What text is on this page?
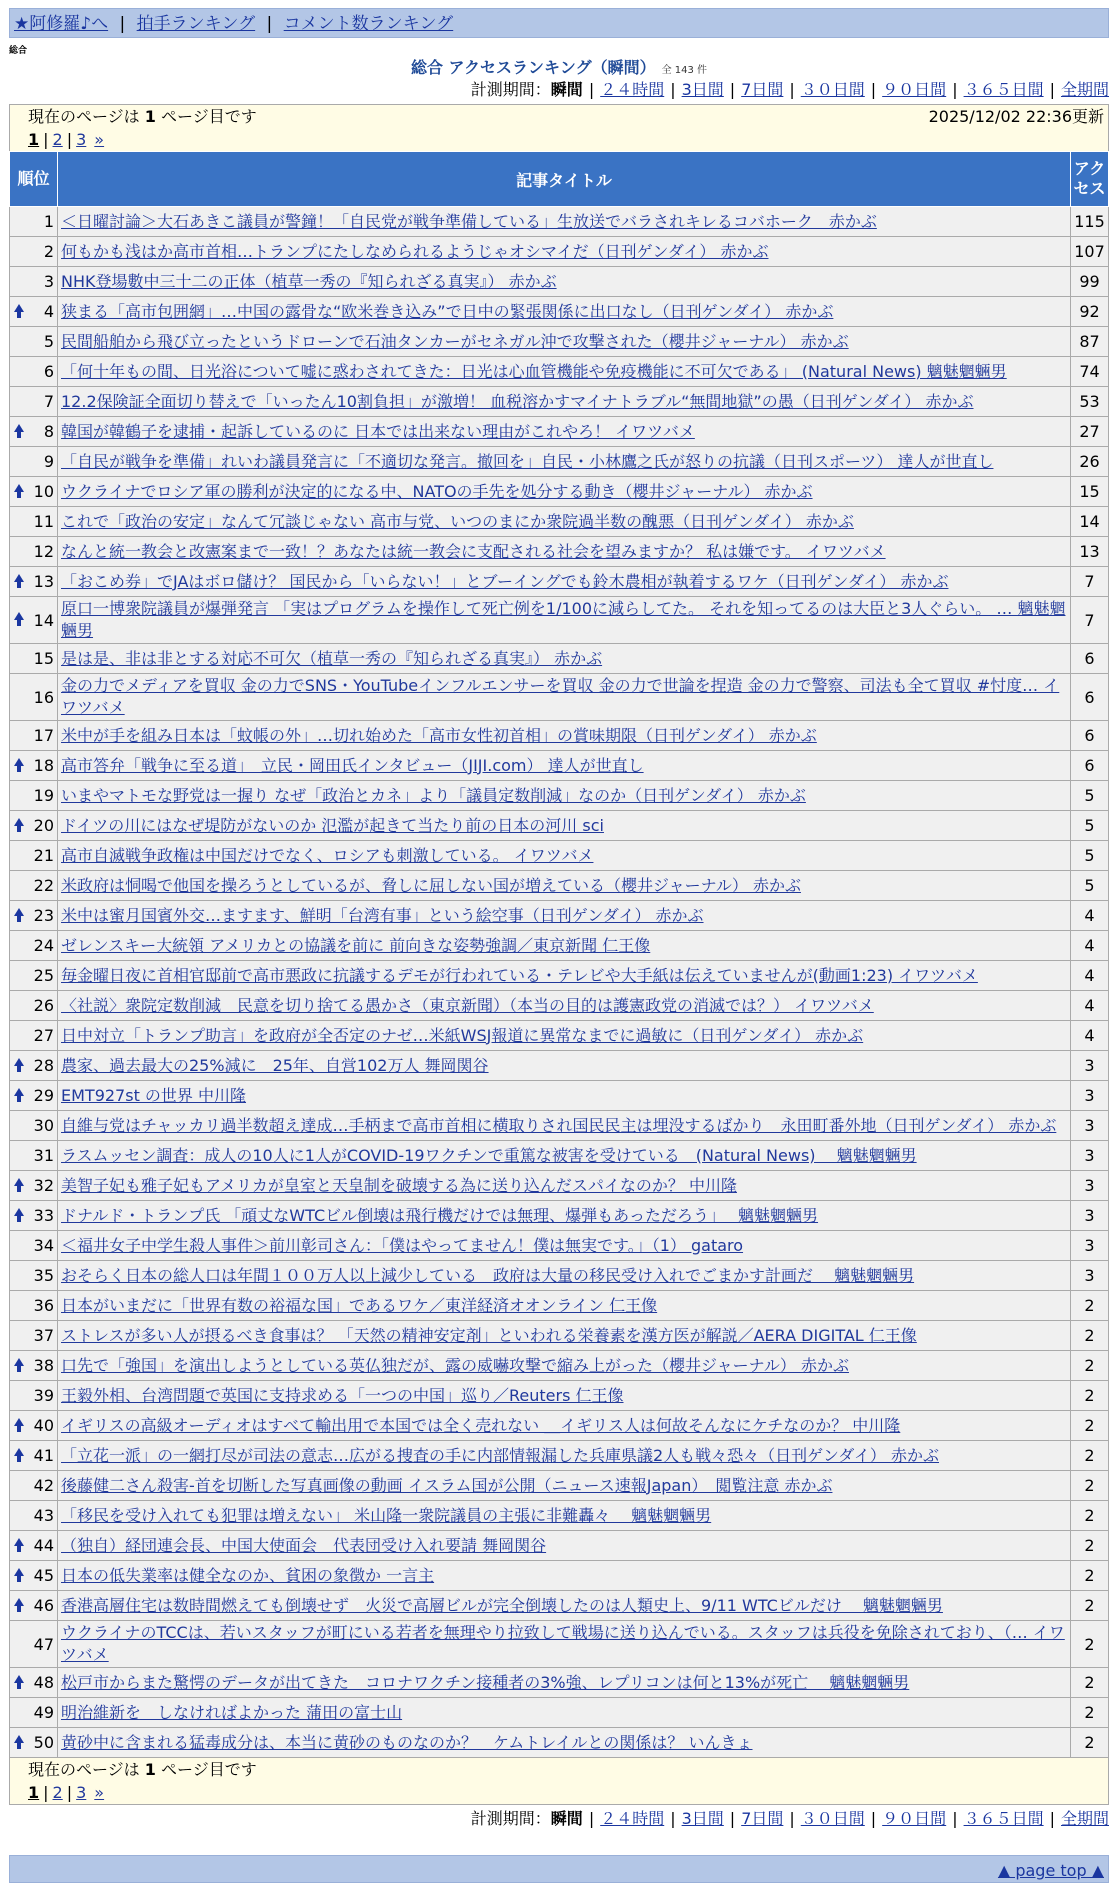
★阿修羅♪へ | 拍手ランキング | コメント数ランキング
総合
総合 アクセスランキング（瞬間） 全 143 件
計測期間：瞬間 | ２４時間 | 3日間 | 7日間 | ３０日間 | ９０日間 | ３６５日間 | 全期間
現在のページは 1 ページ目です	2025/12/02 22:36更新
1 | 2 | 3 »
順位	記事タイトル	アクセス
1	＜日曜討論＞大石あきこ議員が警鐘！「自民党が戦争準備している」生放送でバラされキレるコバホーク　赤かぶ	115
2	何もかも浅はか高市首相…トランプにたしなめられるようじゃオシマイだ（日刊ゲンダイ） 赤かぶ	107
3	NHK登場數中三十二の正体（植草一秀の『知られざる真実』） 赤かぶ	99

4	狭まる「高市包囲網」…中国の露骨な“欧米巻き込み”で日中の緊張関係に出口なし（日刊ゲンダイ） 赤かぶ	92
5	民間船舶から飛び立ったというドローンで石油タンカーがセネガル沖で攻撃された（櫻井ジャーナル） 赤かぶ	87
6	「何十年もの間、日光浴について嘘に惑わされてきた：日光は心血管機能や免疫機能に不可欠である」 (Natural News) 魑魅魍魎男	74
7	12.2保険証全面切り替えで「いったん10割負担」が激増！ 血税溶かすマイナトラブル“無間地獄”の愚（日刊ゲンダイ） 赤かぶ	53

8	韓国が韓鶴子を逮捕・起訴しているのに 日本では出来ない理由がこれやろ！ イワツバメ	27
9	「自民が戦争を準備」れいわ議員発言に「不適切な発言。撤回を」自民・小林鷹之氏が怒りの抗議（日刊スポーツ） 達人が世直し	26

10	ウクライナでロシア軍の勝利が決定的になる中、NATOの手先を処分する動き（櫻井ジャーナル） 赤かぶ	15
11	これで「政治の安定」なんて冗談じゃない 高市与党、いつのまにか衆院過半数の醜悪（日刊ゲンダイ） 赤かぶ	14
12	なんと統一教会と改憲案まで一致！？あなたは統一教会に支配される社会を望みますか？ 私は嫌です。 イワツバメ	13

13	「おこめ券」でJAはボロ儲け？ 国民から「いらない！」とブーイングでも鈴木農相が執着するワケ（日刊ゲンダイ） 赤かぶ	7

14	原口一博衆院議員が爆弾発言 「実はプログラムを操作して死亡例を1/100に減らしてた。 それを知ってるのは大臣と3人ぐらい。 … 魑魅魍魎男	7
15	是は是、非は非とする対応不可欠（植草一秀の『知られざる真実』） 赤かぶ	6
16	金の力でメディアを買収 金の力でSNS・YouTubeインフルエンサーを買収 金の力で世論を捏造 金の力で警察、司法も全て買収 #忖度… イワツバメ	6
17	米中が手を組み日本は「蚊帳の外」…切れ始めた「高市女性初首相」の賞味期限（日刊ゲンダイ） 赤かぶ	6

18	高市答弁「戦争に至る道」　立民・岡田氏インタビュー（JIJI.com） 達人が世直し	6
19	いまやマトモな野党は一握り なぜ「政治とカネ」より「議員定数削減」なのか（日刊ゲンダイ） 赤かぶ	5

20	ドイツの川にはなぜ堤防がないのか 氾濫が起きて当たり前の日本の河川 sci	5
21	高市自滅戦争政権は中国だけでなく、ロシアも刺激している。 イワツバメ	5
22	米政府は恫喝で他国を操ろうとしているが、脅しに屈しない国が増えている（櫻井ジャーナル） 赤かぶ	5

23	米中は蜜月国賓外交…ますます、鮮明「台湾有事」という絵空事（日刊ゲンダイ） 赤かぶ	4
24	ゼレンスキー大統領 アメリカとの協議を前に 前向きな姿勢強調／東京新聞 仁王像	4
25	毎金曜日夜に首相官邸前で高市悪政に抗議するデモが行われている・テレビや大手紙は伝えていませんが(動画1:23) イワツバメ	4
26	〈社説〉衆院定数削減　民意を切り捨てる愚かさ（東京新聞）（本当の目的は護憲政党の消滅では？） イワツバメ	4
27	日中対立「トランプ助言」を政府が全否定のナゼ…米紙WSJ報道に異常なまでに過敏に（日刊ゲンダイ） 赤かぶ	4

28	農家、過去最大の25%減に　25年、自営102万人 舞岡関谷	3

29	EMT927st の世界 中川隆	3
30	自維与党はチャッカリ過半数超え達成…手柄まで高市首相に横取りされ国民民主は埋没するばかり　永田町番外地（日刊ゲンダイ） 赤かぶ	3
31	ラスムッセン調査：成人の10人に1人がCOVID-19ワクチンで重篤な被害を受けている　(Natural News)　 魑魅魍魎男	3

32	美智子妃も雅子妃もアメリカが皇室と天皇制を破壊する為に送り込んだスパイなのか？ 中川隆	3

33	ドナルド・トランプ氏 「頑丈なWTCビル倒壊は飛行機だけでは無理、爆弾もあっただろう」　 魑魅魍魎男	3
34	＜福井女子中学生殺人事件＞前川彰司さん：「僕はやってません！僕は無実です。」（1） gataro	3
35	おそらく日本の総人口は年間１００万人以上減少している　政府は大量の移民受け入れでごまかす計画だ　 魑魅魍魎男	3
36	日本がいまだに「世界有数の裕福な国」であるワケ／東洋経済オオンライン 仁王像	2
37	ストレスが多い人が摂るべき食事は？ 「天然の精神安定剤」といわれる栄養素を漢方医が解説／AERA DIGITAL 仁王像	2

38	口先で「強国」を演出しようとしている英仏独だが、露の威嚇攻撃で縮み上がった（櫻井ジャーナル） 赤かぶ	2
39	王毅外相、台湾問題で英国に支持求める「一つの中国」巡り／Reuters 仁王像	2

40	イギリスの高級オーディオはすべて輸出用で本国では全く売れない ＿イギリス人は何故そんなにケチなのか？ 中川隆	2

41	「立花一派」の一網打尽が司法の意志…広がる捜査の手に内部情報漏した兵庫県議2人も戦々恐々（日刊ゲンダイ） 赤かぶ	2
42	後藤健二さん殺害-首を切断した写真画像の動画 イスラム国が公開（ニュース速報Japan）　閲覧注意 赤かぶ	2
43	「移民を受け入れても犯罪は増えない」 米山隆一衆院議員の主張に非難轟々　 魑魅魍魎男	2

44	（独自）経団連会長、中国大使面会　代表団受け入れ要請 舞岡関谷	2

45	日本の低失業率は健全なのか、貧困の象徴か 一言主	2

46	香港高層住宅は数時間燃えても倒壊せず　火災で高層ビルが完全倒壊したのは人類史上、9/11 WTCビルだけ　 魑魅魍魎男	2
47	ウクライナのTCCは、若いスタッフが町にいる若者を無理やり拉致して戦場に送り込んでいる。スタッフは兵役を免除されており、（… イワツバメ	2

48	松戸市からまた驚愕のデータが出てきた　コロナワクチン接種者の3%強、レプリコンは何と13%が死亡　 魑魅魍魎男	2
49	明治維新を　しなければよかった 蒲田の富士山	2

50	黄砂中に含まれる猛毒成分は、本当に黄砂のものなのか？　ケムトレイルとの関係は？ いんきょ	2
現在のページは 1 ページ目です
1 | 2 | 3 »
計測期間：瞬間 | ２４時間 | 3日間 | 7日間 | ３０日間 | ９０日間 | ３６５日間 | 全期間
▲ page top ▲
